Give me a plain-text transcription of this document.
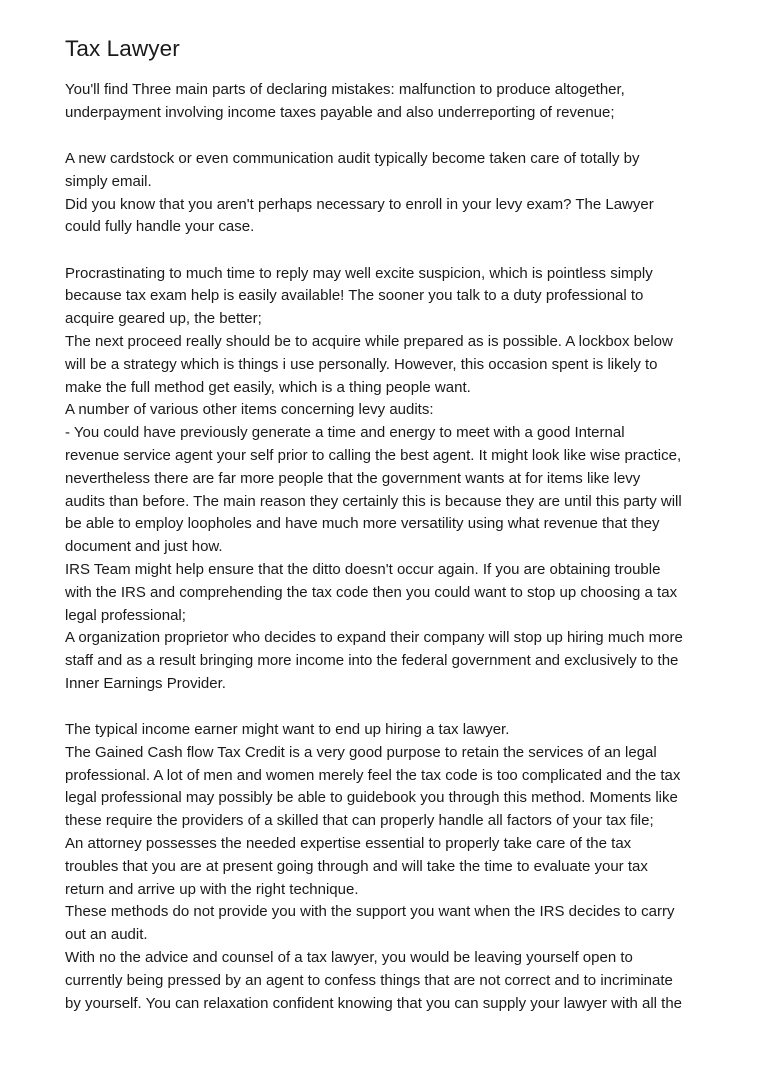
Tax Lawyer
You'll find Three main parts of declaring mistakes: malfunction to produce altogether,
underpayment involving income taxes payable and also underreporting of revenue;
A new cardstock or even communication audit typically become taken care of totally by
simply email.
Did you know that you aren't perhaps necessary to enroll in your levy exam? The Lawyer
could fully handle your case.
Procrastinating to much time to reply may well excite suspicion, which is pointless simply
because tax exam help is easily available! The sooner you talk to a duty professional to
acquire geared up, the better;
The next proceed really should be to acquire while prepared as is possible. A lockbox below
will be a strategy which is things i use personally. However, this occasion spent is likely to
make the full method get easily, which is a thing people want.
A number of various other items concerning levy audits:
- You could have previously generate a time and energy to meet with a good Internal
revenue service agent your self prior to calling the best agent. It might look like wise practice,
nevertheless there are far more people that the government wants at for items like levy
audits than before. The main reason they certainly this is because they are until this party will
be able to employ loopholes and have much more versatility using what revenue that they
document and just how.
IRS Team might help ensure that the ditto doesn't occur again. If you are obtaining trouble
with the IRS and comprehending the tax code then you could want to stop up choosing a tax
legal professional;
A organization proprietor who decides to expand their company will stop up hiring much more
staff and as a result bringing more income into the federal government and exclusively to the
Inner Earnings Provider.
The typical income earner might want to end up hiring a tax lawyer.
The Gained Cash flow Tax Credit is a very good purpose to retain the services of an legal
professional. A lot of men and women merely feel the tax code is too complicated and the tax
legal professional may possibly be able to guidebook you through this method. Moments like
these require the providers of a skilled that can properly handle all factors of your tax file;
An attorney possesses the needed expertise essential to properly take care of the tax
troubles that you are at present going through and will take the time to evaluate your tax
return and arrive up with the right technique.
These methods do not provide you with the support you want when the IRS decides to carry
out an audit.
With no the advice and counsel of a tax lawyer, you would be leaving yourself open to
currently being pressed by an agent to confess things that are not correct and to incriminate
by yourself. You can relaxation confident knowing that you can supply your lawyer with all the
